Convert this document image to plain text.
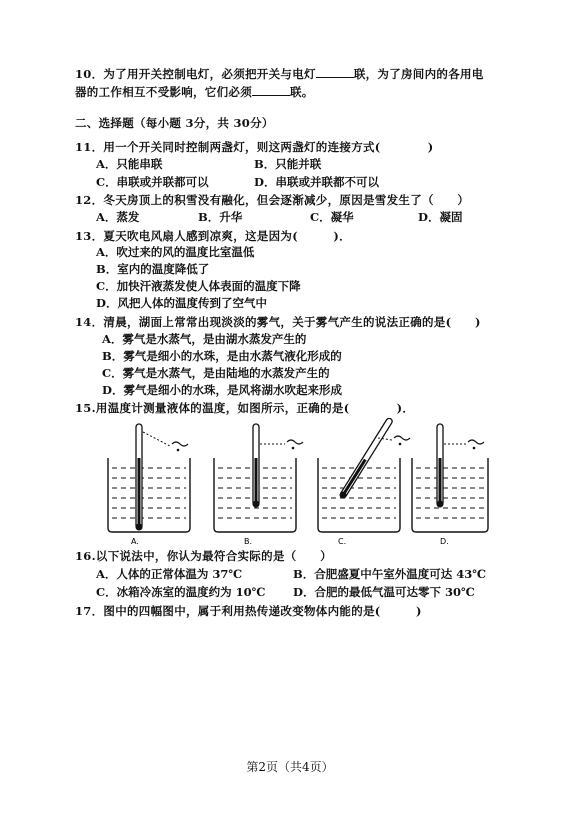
10．为了用开关控制电灯，必须把开关与电灯	联，为了房间内的各用电
器的工作相互不受影响，它们必须	联。
二、选择题（每小题 3分，共 30分）
11．用一个开关同时控制两盏灯，则这两盏灯的连接方式(　　　　)
A．只能串联	B．只能并联
C．串联或并联都可以	D．串联或并联都不可以
12．冬天房顶上的积雪没有融化，但会逐渐减少，原因是雪发生了（　　）
A．蒸发	B．升华	C．凝华	D．凝固
13．夏天吹电风扇人感到凉爽，这是因为(　　　)．
A．吹过来的风的温度比室温低
B．室内的温度降低了
C．加快汗液蒸发使人体表面的温度下降
D．风把人体的温度传到了空气中
14．清晨，湖面上常常出现淡淡的雾气，关于雾气产生的说法正确的是(　　)
A．雾气是水蒸气，是由湖水蒸发产生的
B．雾气是细小的水珠，是由水蒸气液化形成的
C．雾气是水蒸气，是由陆地的水蒸发产生的
D．雾气是细小的水珠，是风将湖水吹起来形成
15.用温度计测量液体的温度，如图所示，正确的是(　　　　)．
A.	B.	C.	D.
16.以下说法中，你认为最符合实际的是（　　）
A．人体的正常体温为 37℃	B．合肥盛夏中午室外温度可达 43℃
C．冰箱冷冻室的温度约为 10℃ D．合肥的最低气温可达零下 30℃
17．图中的四幅图中，属于利用热传递改变物体内能的是(　　　)
第2页（共4页）
